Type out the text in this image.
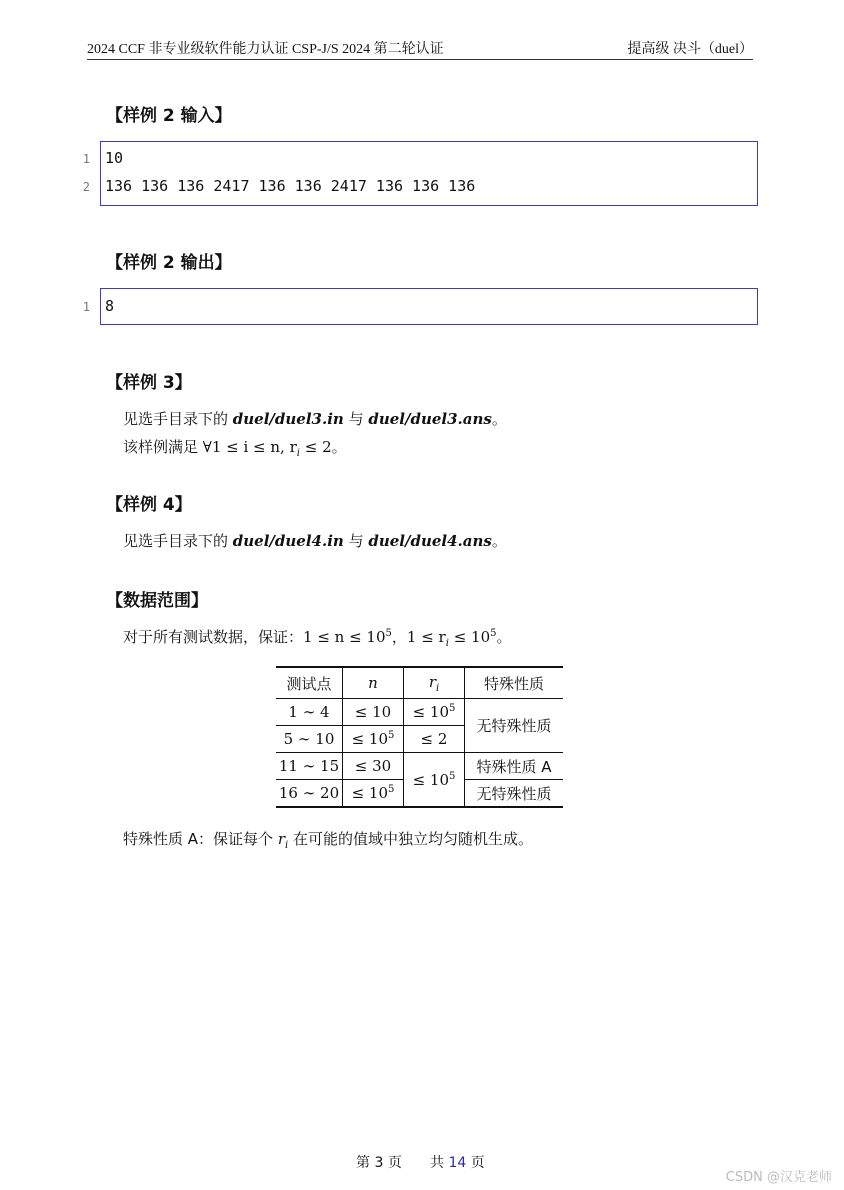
2024 CCF 非专业级软件能力认证 CSP-J/S 2024 第二轮认证	提高级 决斗（duel）
【样例 2 输入】
1 10
2 136 136 136 2417 136 136 2417 136 136 136
【样例 2 输出】
1 8
【样例 3】
见选手目录下的 duel/duel3.in 与 duel/duel3.ans。
该样例满足 ∀1 ≤ i ≤ n, $r_i \le 2$。
【样例 4】
见选手目录下的 duel/duel4.in 与 duel/duel4.ans。
【数据范围】
对于所有测试数据，保证：$1 \le n \le 10^5$，$1 \le r_i \le 10^5$。
测试点	n	$r_i$	特殊性质
1 ∼ 4	≤ 10	≤ $10^5$	无特殊性质
5 ∼ 10	≤ $10^5$	≤ 2	
11 ∼ 15	≤ 30	≤ $10^5$	特殊性质 A
16 ∼ 20	≤ $10^5$		无特殊性质
特殊性质 A：保证每个 $r_i$ 在可能的值域中独立均匀随机生成。
第 3 页 共 14 页
CSDN @汉克老师
